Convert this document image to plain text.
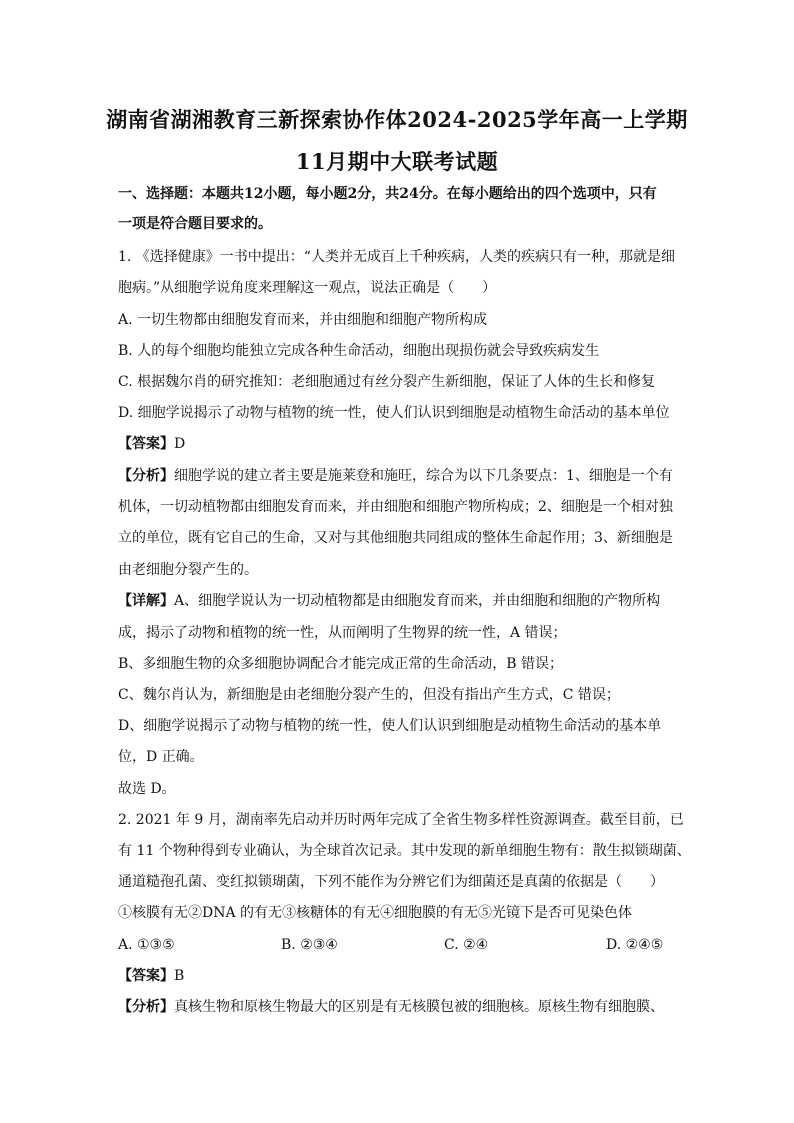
湖南省湖湘教育三新探索协作体2024-2025学年高一上学期
11月期中大联考试题
一、选择题：本题共12小题，每小题2分，共24分。在每小题给出的四个选项中，只有
一项是符合题目要求的。
1. 《选择健康》一书中提出：“人类并无成百上千种疾病，人类的疾病只有一种，那就是细
胞病。”从细胞学说角度来理解这一观点，说法正确是（　　）
A. 一切生物都由细胞发育而来，并由细胞和细胞产物所构成
B. 人的每个细胞均能独立完成各种生命活动，细胞出现损伤就会导致疾病发生
C. 根据魏尔肖的研究推知：老细胞通过有丝分裂产生新细胞，保证了人体的生长和修复
D. 细胞学说揭示了动物与植物的统一性，使人们认识到细胞是动植物生命活动的基本单位
【答案】D
【分析】细胞学说的建立者主要是施莱登和施旺，综合为以下几条要点：1、细胞是一个有
机体，一切动植物都由细胞发育而来，并由细胞和细胞产物所构成；2、细胞是一个相对独
立的单位，既有它自己的生命，又对与其他细胞共同组成的整体生命起作用；3、新细胞是
由老细胞分裂产生的。
【详解】A、细胞学说认为一切动植物都是由细胞发育而来，并由细胞和细胞的产物所构
成，揭示了动物和植物的统一性，从而阐明了生物界的统一性，A 错误；
B、多细胞生物的众多细胞协调配合才能完成正常的生命活动，B 错误；
C、魏尔肖认为，新细胞是由老细胞分裂产生的，但没有指出产生方式，C 错误；
D、细胞学说揭示了动物与植物的统一性，使人们认识到细胞是动植物生命活动的基本单
位，D 正确。
故选 D。
2. 2021 年 9 月，湖南率先启动并历时两年完成了全省生物多样性资源调查。截至目前，已
有 11 个物种得到专业确认，为全球首次记录。其中发现的新单细胞生物有：散生拟锁瑚菌、
通道糙孢孔菌、变红拟锁瑚菌，下列不能作为分辨它们为细菌还是真菌的依据是（　　）
①核膜有无②DNA 的有无③核糖体的有无④细胞膜的有无⑤光镜下是否可见染色体
A. ①③⑤	B. ②③④	C. ②④	D. ②④⑤
【答案】B
【分析】真核生物和原核生物最大的区别是有无核膜包被的细胞核。原核生物有细胞膜、
